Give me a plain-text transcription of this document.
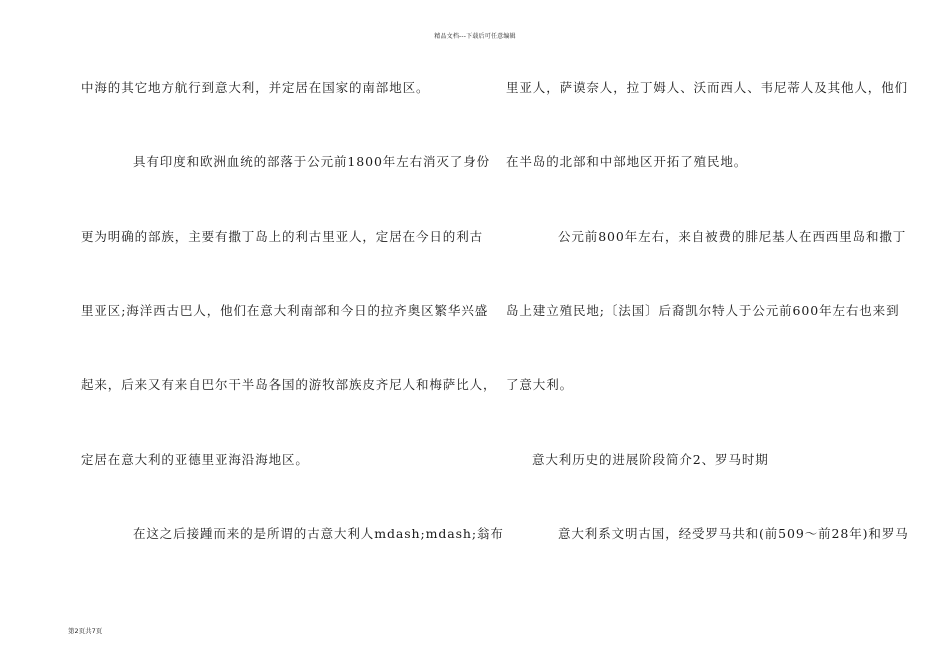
精品文档---下载后可任意编辑
中海的其它地方航行到意大利，并定居在国家的南部地区。
具有印度和欧洲血统的部落于公元前1800年左右消灭了身份
更为明确的部族，主要有撒丁岛上的利古里亚人，定居在今日的利古
里亚区;海洋西古巴人，他们在意大利南部和今日的拉齐奥区繁华兴盛
起来，后来又有来自巴尔干半岛各国的游牧部族皮齐尼人和梅萨比人，
定居在意大利的亚德里亚海沿海地区。
在这之后接踵而来的是所谓的古意大利人mdash;mdash;翁布
里亚人，萨谟奈人，拉丁姆人、沃而西人、韦尼蒂人及其他人，他们
在半岛的北部和中部地区开拓了殖民地。
公元前800年左右，来自被费的腓尼基人在西西里岛和撒丁
岛上建立殖民地;〔法国〕后裔凯尔特人于公元前600年左右也来到
了意大利。
意大利历史的进展阶段简介2、罗马时期
意大利系文明古国，经受罗马共和(前509～前28年)和罗马
第2页共7页
